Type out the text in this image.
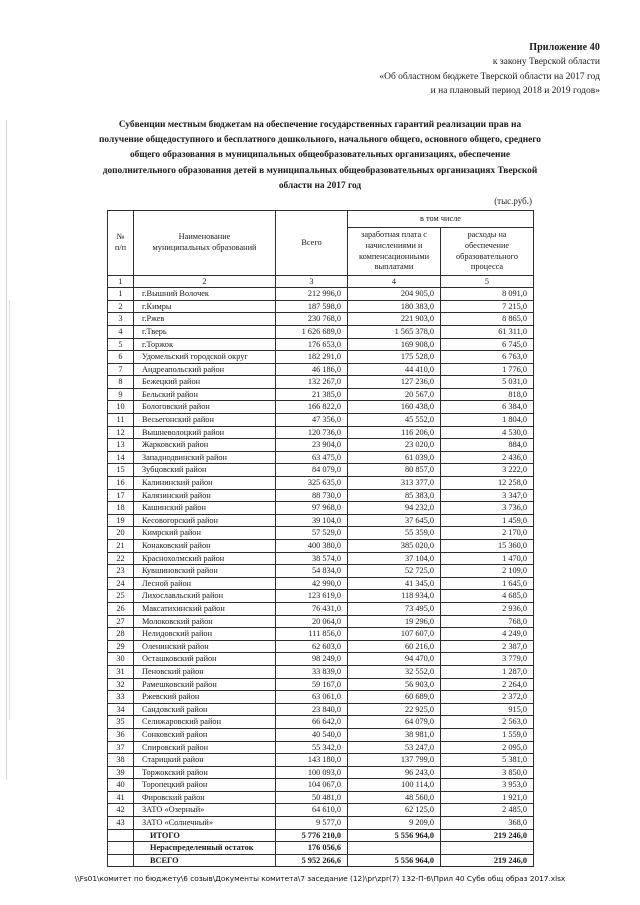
Приложение 40
к закону Тверской области
«Об областном бюджете Тверской области на 2017 год
и на плановый период 2018 и 2019 годов»
Субвенции местным бюджетам на обеспечение государственных гарантий реализации прав на
получение общедоступного и бесплатного дошкольного, начального общего, основного общего, среднего
общего образования в муниципальных общеобразовательных организациях, обеспечение
дополнительного образования детей в муниципальных общеобразовательных организациях Тверской
области на 2017 год
(тыс.руб.)
№
п/п

Наименование
муниципальных образований
	Всего	в том числе

заработная плата с
начислениями и
компенсационными
выплатами

расходы на
обеспечение
образовательного
процесса

1	2	3	4	5
1	г.Вышний Волочек	212 996,0	204 905,0	8 091,0
2	г.Кимры	187 598,0	180 383,0	7 215,0
3	г.Ржев	230 768,0	221 903,0	8 865,0
4	г.Тверь	1 626 689,0	1 565 378,0	61 311,0
5	г.Торжок	176 653,0	169 908,0	6 745,0
6	Удомельский городской округ	182 291,0	175 528,0	6 763,0
7	Андреапольский район	46 186,0	44 410,0	1 776,0
8	Бежецкий район	132 267,0	127 236,0	5 031,0
9	Бельский район	21 385,0	20 567,0	818,0
10	Бологовский район	166 822,0	160 438,0	6 384,0
11	Весьегонский район	47 356,0	45 552,0	1 804,0
12	Вышневолоцкий район	120 736,0	116 206,0	4 530,0
13	Жарковский район	23 904,0	23 020,0	884,0
14	Западнодвинский район	63 475,0	61 039,0	2 436,0
15	Зубцовский район	84 079,0	80 857,0	3 222,0
16	Калининский район	325 635,0	313 377,0	12 258,0
17	Калязинский район	88 730,0	85 383,0	3 347,0
18	Кашинский район	97 968,0	94 232,0	3 736,0
19	Кесовогорский район	39 104,0	37 645,0	1 459,0
20	Кимрский район	57 529,0	55 359,0	2 170,0
21	Конаковский район	400 380,0	385 020,0	15 360,0
22	Краснохолмский район	38 574,0	37 104,0	1 470,0
23	Кувшиновский район	54 834,0	52 725,0	2 109,0
24	Лесной район	42 990,0	41 345,0	1 645,0
25	Лихославльский район	123 619,0	118 934,0	4 685,0
26	Максатихинский район	76 431,0	73 495,0	2 936,0
27	Молоковский район	20 064,0	19 296,0	768,0
28	Нелидовский район	111 856,0	107 607,0	4 249,0
29	Оленинский район	62 603,0	60 216,0	2 387,0
30	Осташковский район	98 249,0	94 470,0	3 779,0
31	Пеновский район	33 839,0	32 552,0	1 287,0
32	Рамешковский район	59 167,0	56 903,0	2 264,0
33	Ржевский район	63 061,0	60 689,0	2 372,0
34	Сандовский район	23 840,0	22 925,0	915,0
35	Селижаровский район	66 642,0	64 079,0	2 563,0
36	Сонковский район	40 540,0	38 981,0	1 559,0
37	Спировский район	55 342,0	53 247,0	2 095,0
38	Старицкий район	143 180,0	137 799,0	5 381,0
39	Торжокский район	100 093,0	96 243,0	3 850,0
40	Торопецкий район	104 067,0	100 114,0	3 953,0
41	Фировский район	50 481,0	48 560,0	1 921,0
42	ЗАТО «Озерный»	64 610,0	62 125,0	2 485,0
43	ЗАТО «Солнечный»	9 577,0	9 209,0	368,0
	ИТОГО	5 776 210,0	5 556 964,0	219 246,0
	Нераспределенный остаток	176 056,6		
	ВСЕГО	5 952 266,6	5 556 964,0	219 246,0
\\Fs01\комитет по бюджету\6 созыв\Документы комитета\7 заседание (12)\pr\zpr(7) 132-П-6\Прил 40 Субв общ образ 2017.xlsx
